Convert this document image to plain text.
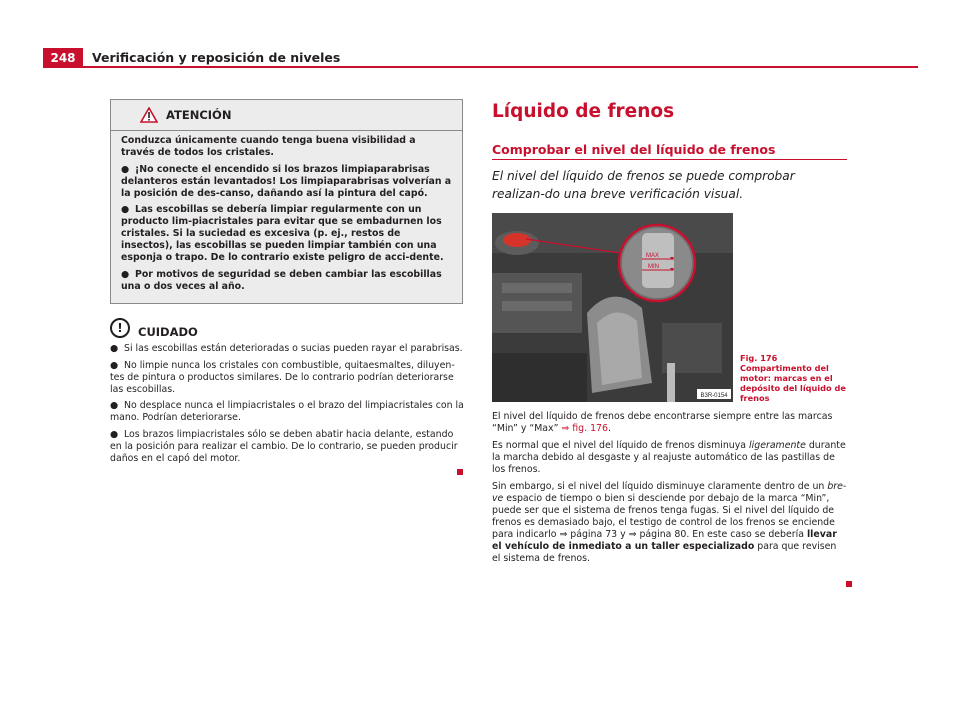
248	Verificación y reposición de niveles
ATENCIÓN

Conduzca únicamente cuando tenga buena visibilidad a través de todos los cristales.

● ¡No conecte el encendido si los brazos limpiaparabrisas delanteros están levantados! Los limpiaparabrisas volverían a la posición de des-canso, dañando así la pintura del capó.

● Las escobillas se debería limpiar regularmente con un producto lim-piacristales para evitar que se embadurnen los cristales. Si la suciedad es excesiva (p. ej., restos de insectos), las escobillas se pueden limpiar también con una esponja o trapo. De lo contrario existe peligro de acci-dente.

● Por motivos de seguridad se deben cambiar las escobillas una o dos veces al año.

!	CUIDADO

● Si las escobillas están deterioradas o sucias pueden rayar el parabrisas.

● No limpie nunca los cristales con combustible, quitaesmaltes, diluyen-tes de pintura o productos similares. De lo contrario podrían deteriorarse las escobillas.

● No desplace nunca el limpiacristales o el brazo del limpiacristales con la mano. Podrían deteriorarse.

● Los brazos limpiacristales sólo se deben abatir hacia delante, estando en la posición para realizar el cambio. De lo contrario, se pueden producir daños en el capó del motor.

Líquido de frenos
Comprobar el nivel del líquido de frenos
El nivel del líquido de frenos se puede comprobar realizan-do una breve verificación visual.
MAX
MIN
B3R-0154
Fig. 176 Compartimento del motor: marcas en el depósito del líquido de frenos

El nivel del líquido de frenos debe encontrarse siempre entre las marcas “Min” y “Max” ⇒ fig. 176.

Es normal que el nivel del líquido de frenos disminuya ligeramente durante la marcha debido al desgaste y al reajuste automático de las pastillas de los frenos.

Sin embargo, si el nivel del líquido disminuye claramente dentro de un bre-ve espacio de tiempo o bien si desciende por debajo de la marca “Min”, puede ser que el sistema de frenos tenga fugas. Si el nivel del líquido de frenos es demasiado bajo, el testigo de control de los frenos se enciende para indicarlo ⇒ página 73 y ⇒ página 80. En este caso se debería llevar el vehículo de inmediato a un taller especializado para que revisen el sistema de frenos.
